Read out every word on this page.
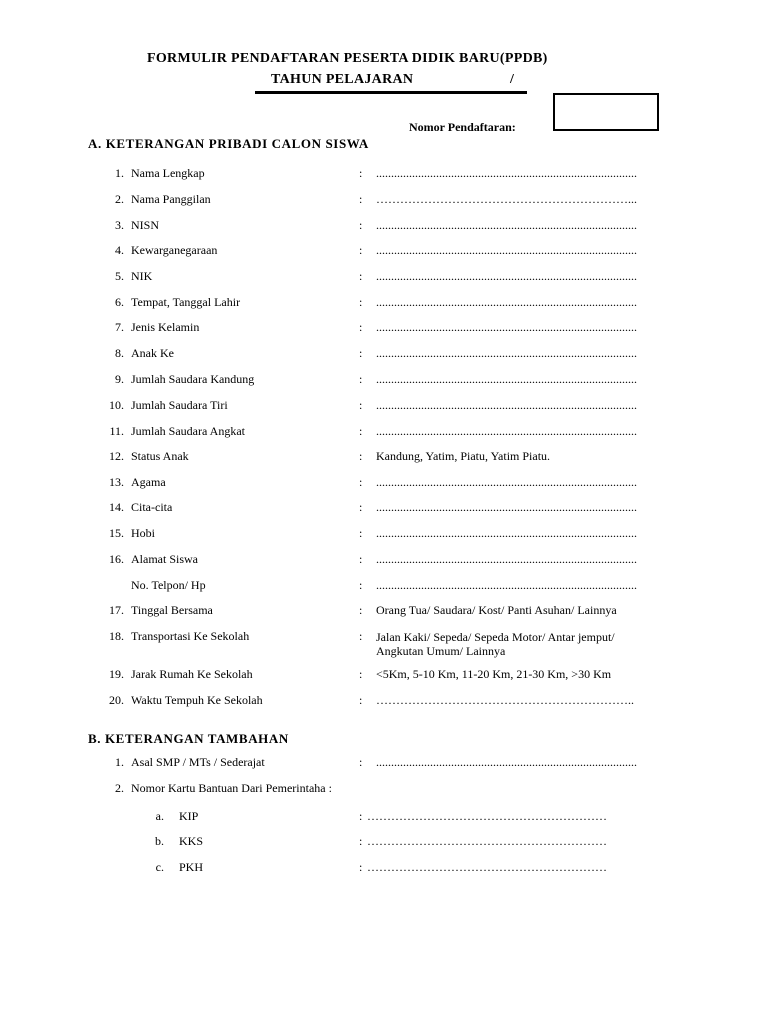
FORMULIR PENDAFTARAN PESERTA DIDIK BARU(PPDB)
TAHUN PELAJARAN	/
Nomor Pendaftaran:
A. KETERANGAN PRIBADI CALON SISWA
1. Nama Lengkap	: .......................................................................................
2. Nama Panggilan	: ………………………………………………………...
3. NISN	: .......................................................................................
4. Kewarganegaraan	: .......................................................................................
5. NIK	: .......................................................................................
6. Tempat, Tanggal Lahir	: .......................................................................................
7. Jenis Kelamin	: .......................................................................................
8. Anak Ke	: .......................................................................................
9. Jumlah Saudara Kandung	: .......................................................................................
10. Jumlah Saudara Tiri	: .......................................................................................
11. Jumlah Saudara Angkat	: .......................................................................................
12. Status Anak	: Kandung, Yatim, Piatu, Yatim Piatu.
13. Agama	: .......................................................................................
14. Cita-cita	: .......................................................................................
15. Hobi	: .......................................................................................
16. Alamat Siswa	: .......................................................................................
No. Telpon/ Hp	: .......................................................................................
17. Tinggal Bersama	: Orang Tua/ Saudara/ Kost/ Panti Asuhan/ Lainnya
18. Transportasi Ke Sekolah	: Jalan Kaki/ Sepeda/ Sepeda Motor/ Antar jemput/
Angkutan Umum/ Lainnya
19. Jarak Rumah Ke Sekolah	: <5Km, 5-10 Km, 11-20 Km, 21-30 Km, >30 Km
20. Waktu Tempuh Ke Sekolah	: ………………………………………………………..
B. KETERANGAN TAMBAHAN
1. Asal SMP / MTs / Sederajat	: .......................................................................................
2. Nomor Kartu Bantuan Dari Pemerintaha :
a. KIP	: ……………………………………………………
b. KKS	: ……………………………………………………
c. PKH	: ……………………………………………………
